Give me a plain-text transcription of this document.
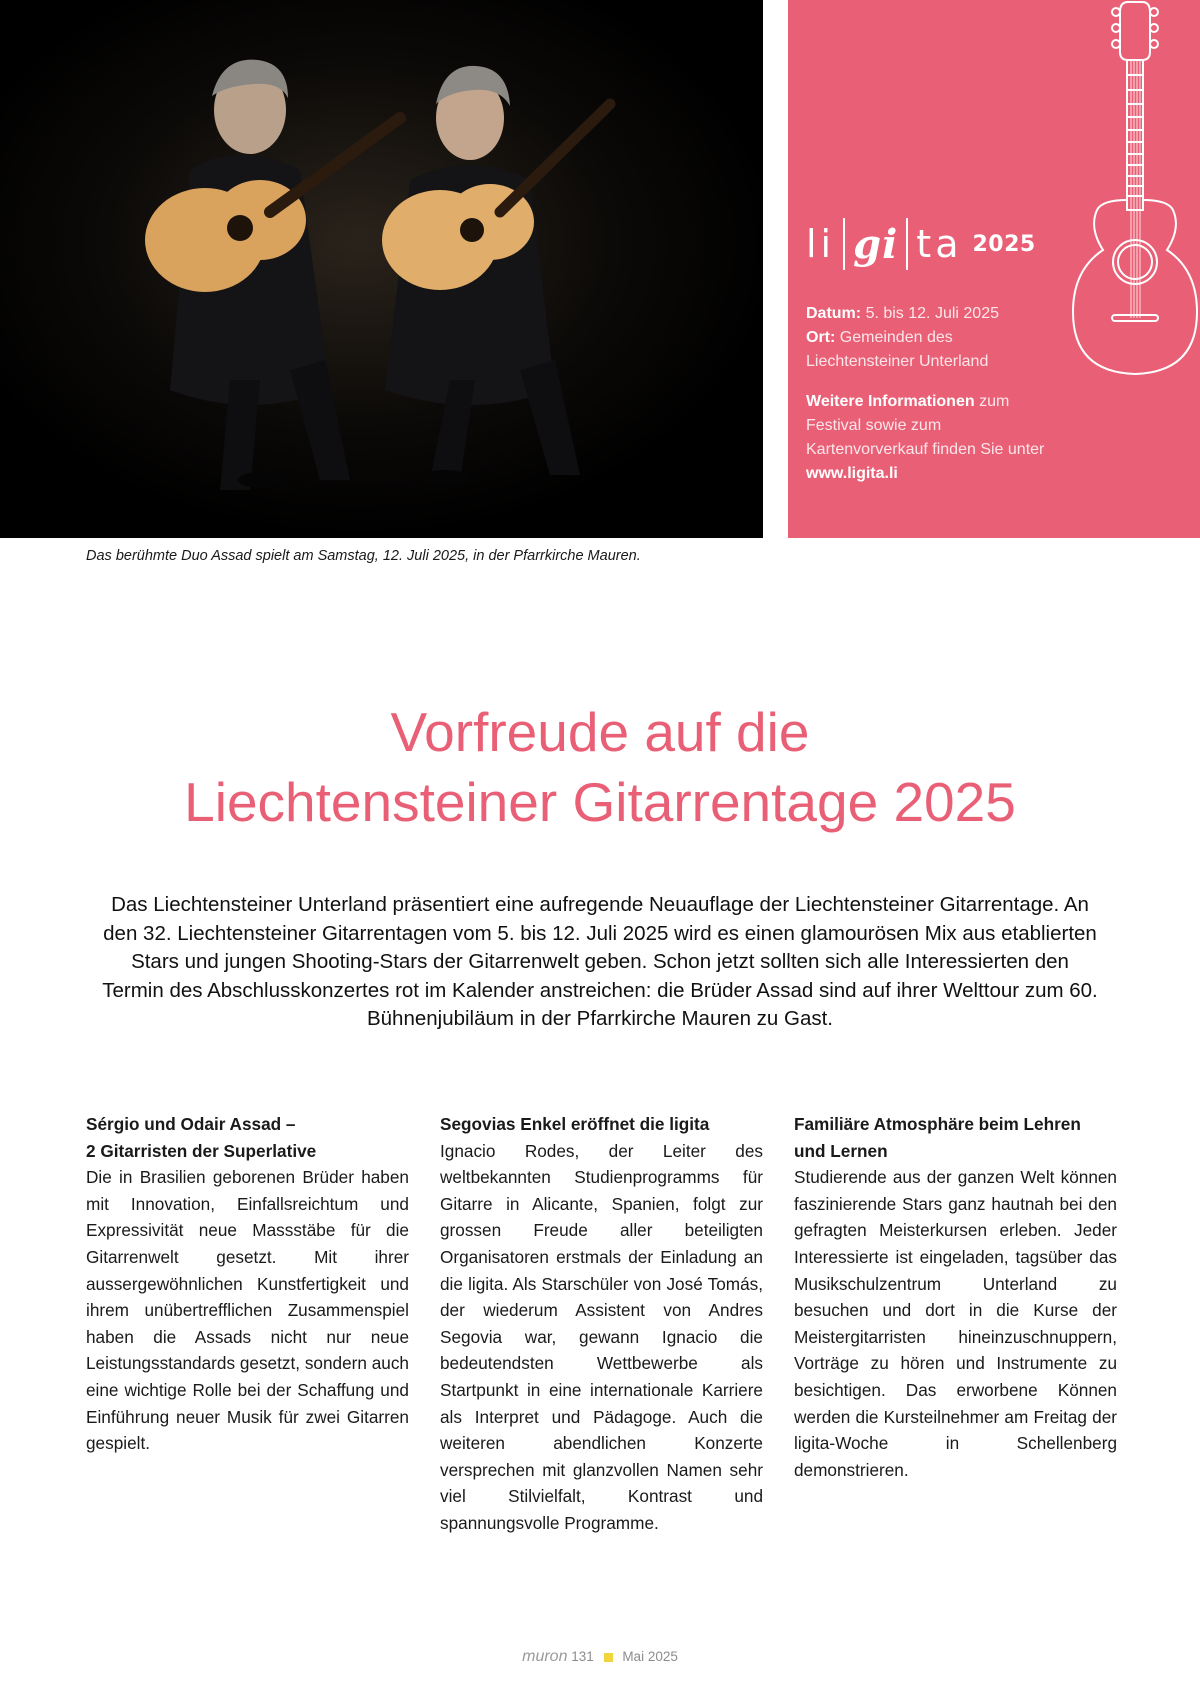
li gi ta 2025

Datum: 5. bis 12. Juli 2025
Ort: Gemeinden des Liechtensteiner Unterland

Weitere Informationen zum Festival sowie zum Kartenvorverkauf finden Sie unter www.ligita.li

Das berühmte Duo Assad spielt am Samstag, 12. Juli 2025, in der Pfarrkirche Mauren.
Vorfreude auf die
Liechtensteiner Gitarrentage 2025

Das Liechtensteiner Unterland präsentiert eine aufregende Neuauflage der Liechtensteiner Gitarrentage. An den 32. Liechtensteiner Gitarrentagen vom 5. bis 12. Juli 2025 wird es einen glamourösen Mix aus etablierten Stars und jungen Shooting-Stars der Gitarrenwelt geben. Schon jetzt sollten sich alle Interessierten den Termin des Abschlusskonzertes rot im Kalender anstreichen: die Brüder Assad sind auf ihrer Welttour zum 60. Bühnenjubiläum in der Pfarrkirche Mauren zu Gast.

Sérgio und Odair Assad –
2 Gitarristen der Superlative

Die in Brasilien geborenen Brüder haben mit Innovation, Einfallsreichtum und Expressivität neue Massstäbe für die Gitarrenwelt gesetzt. Mit ihrer aussergewöhnlichen Kunstfertigkeit und ihrem unübertrefflichen Zusammenspiel haben die Assads nicht nur neue Leistungsstandards gesetzt, sondern auch eine wichtige Rolle bei der Schaffung und Einführung neuer Musik für zwei Gitarren gespielt.

Segovias Enkel eröffnet die ligita

Ignacio Rodes, der Leiter des weltbekannten Studienprogramms für Gitarre in Alicante, Spanien, folgt zur grossen Freude aller beteiligten Organisatoren erstmals der Einladung an die ligita. Als Starschüler von José Tomás, der wiederum Assistent von Andres Segovia war, gewann Ignacio die bedeutendsten Wettbewerbe als Startpunkt in eine internationale Karriere als Interpret und Pädagoge. Auch die weiteren abendlichen Konzerte versprechen mit glanzvollen Namen sehr viel Stilvielfalt, Kontrast und spannungsvolle Programme.

Familiäre Atmosphäre beim Lehren
und Lernen

Studierende aus der ganzen Welt können faszinierende Stars ganz hautnah bei den gefragten Meisterkursen erleben. Jeder Interessierte ist eingeladen, tagsüber das Musikschulzentrum Unterland zu besuchen und dort in die Kurse der Meistergitarristen hineinzuschnuppern, Vorträge zu hören und Instrumente zu besichtigen. Das erworbene Können werden die Kursteilnehmer am Freitag der ligita-Woche in Schellenberg demonstrieren.

muron 131 Mai 2025
